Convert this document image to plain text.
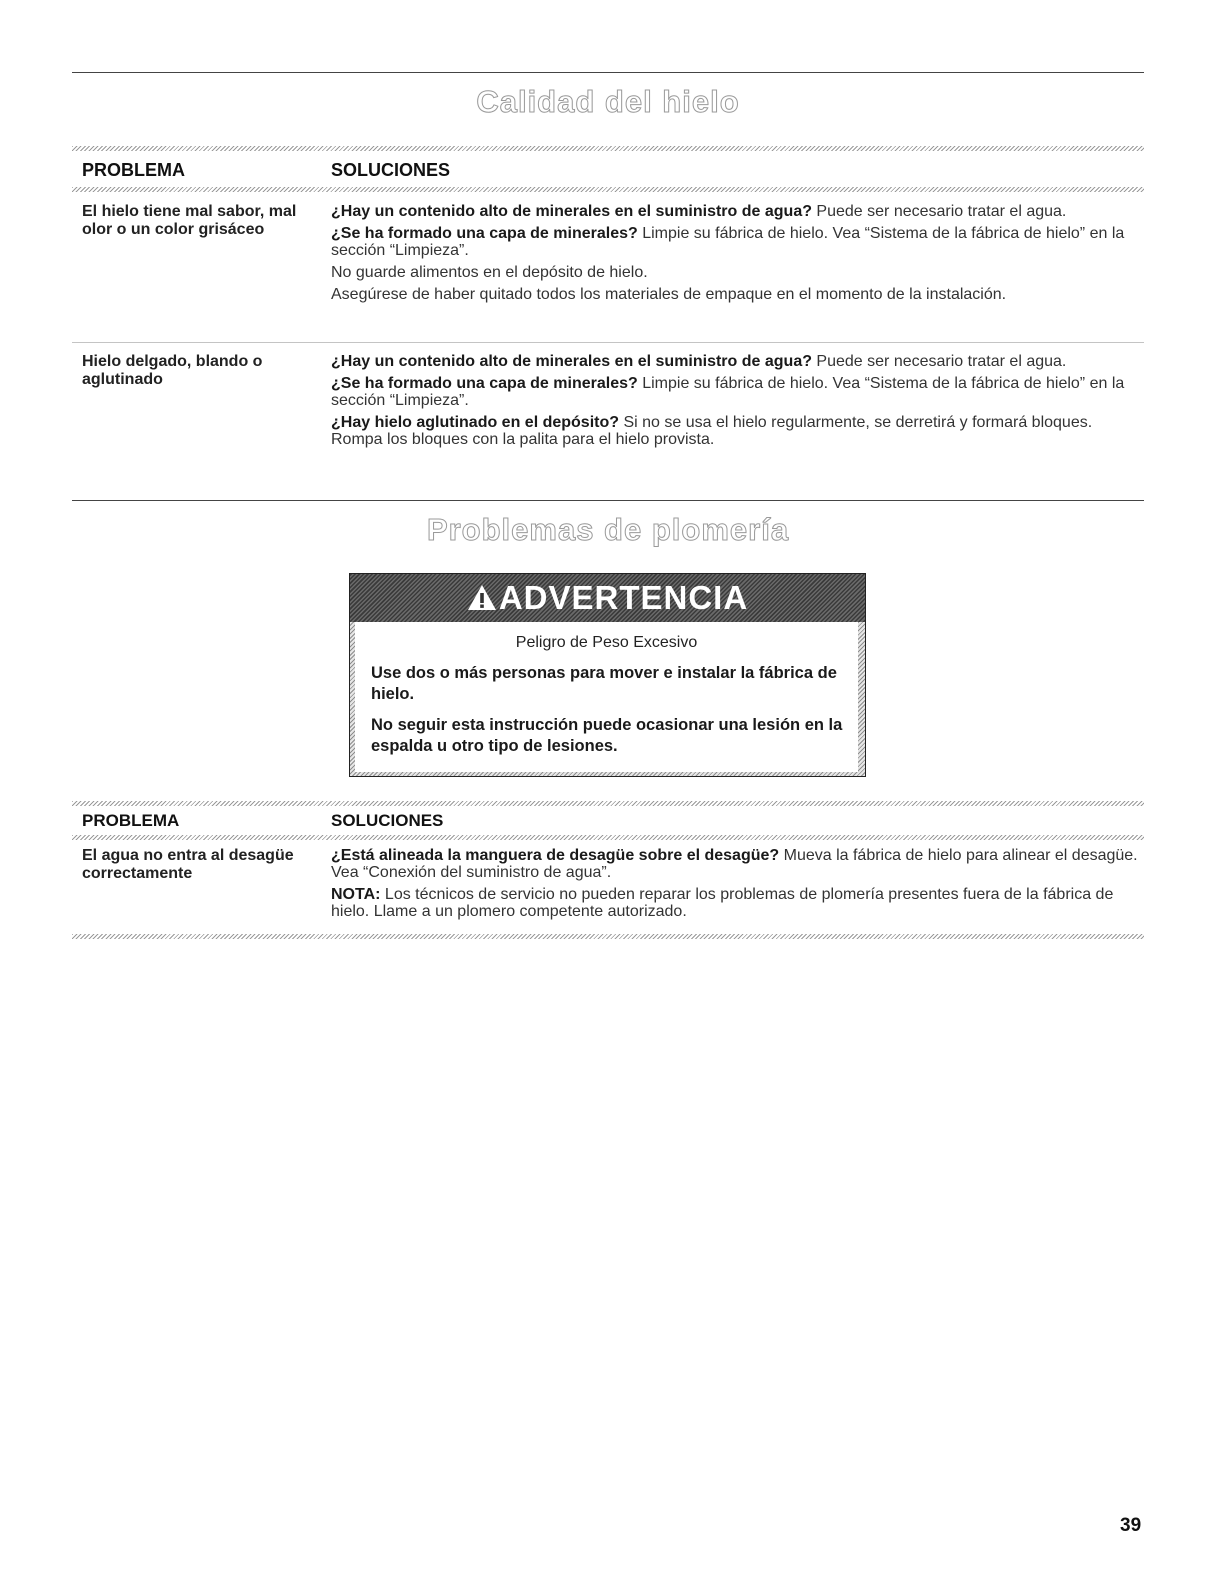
Calidad del hielo
PROBLEMA	SOLUCIONES
El hielo tiene mal sabor, mal olor o un color grisáceo

¿Hay un contenido alto de minerales en el suministro de agua? Puede ser necesario tratar el agua.

¿Se ha formado una capa de minerales? Limpie su fábrica de hielo. Vea “Sistema de la fábrica de hielo” en la sección “Limpieza”.

No guarde alimentos en el depósito de hielo.

Asegúrese de haber quitado todos los materiales de empaque en el momento de la instalación.

Hielo delgado, blando o aglutinado

¿Hay un contenido alto de minerales en el suministro de agua? Puede ser necesario tratar el agua.

¿Se ha formado una capa de minerales? Limpie su fábrica de hielo. Vea “Sistema de la fábrica de hielo” en la sección “Limpieza”.

¿Hay hielo aglutinado en el depósito? Si no se usa el hielo regularmente, se derretirá y formará bloques. Rompa los bloques con la palita para el hielo provista.

Problemas de plomería
ADVERTENCIA
Peligro de Peso Excesivo
Use dos o más personas para mover e instalar la fábrica de hielo.
No seguir esta instrucción puede ocasionar una lesión en la espalda u otro tipo de lesiones.
PROBLEMA	SOLUCIONES
El agua no entra al desagüe correctamente

¿Está alineada la manguera de desagüe sobre el desagüe? Mueva la fábrica de hielo para alinear el desagüe. Vea “Conexión del suministro de agua”.

NOTA: Los técnicos de servicio no pueden reparar los problemas de plomería presentes fuera de la fábrica de hielo. Llame a un plomero competente autorizado.

39
